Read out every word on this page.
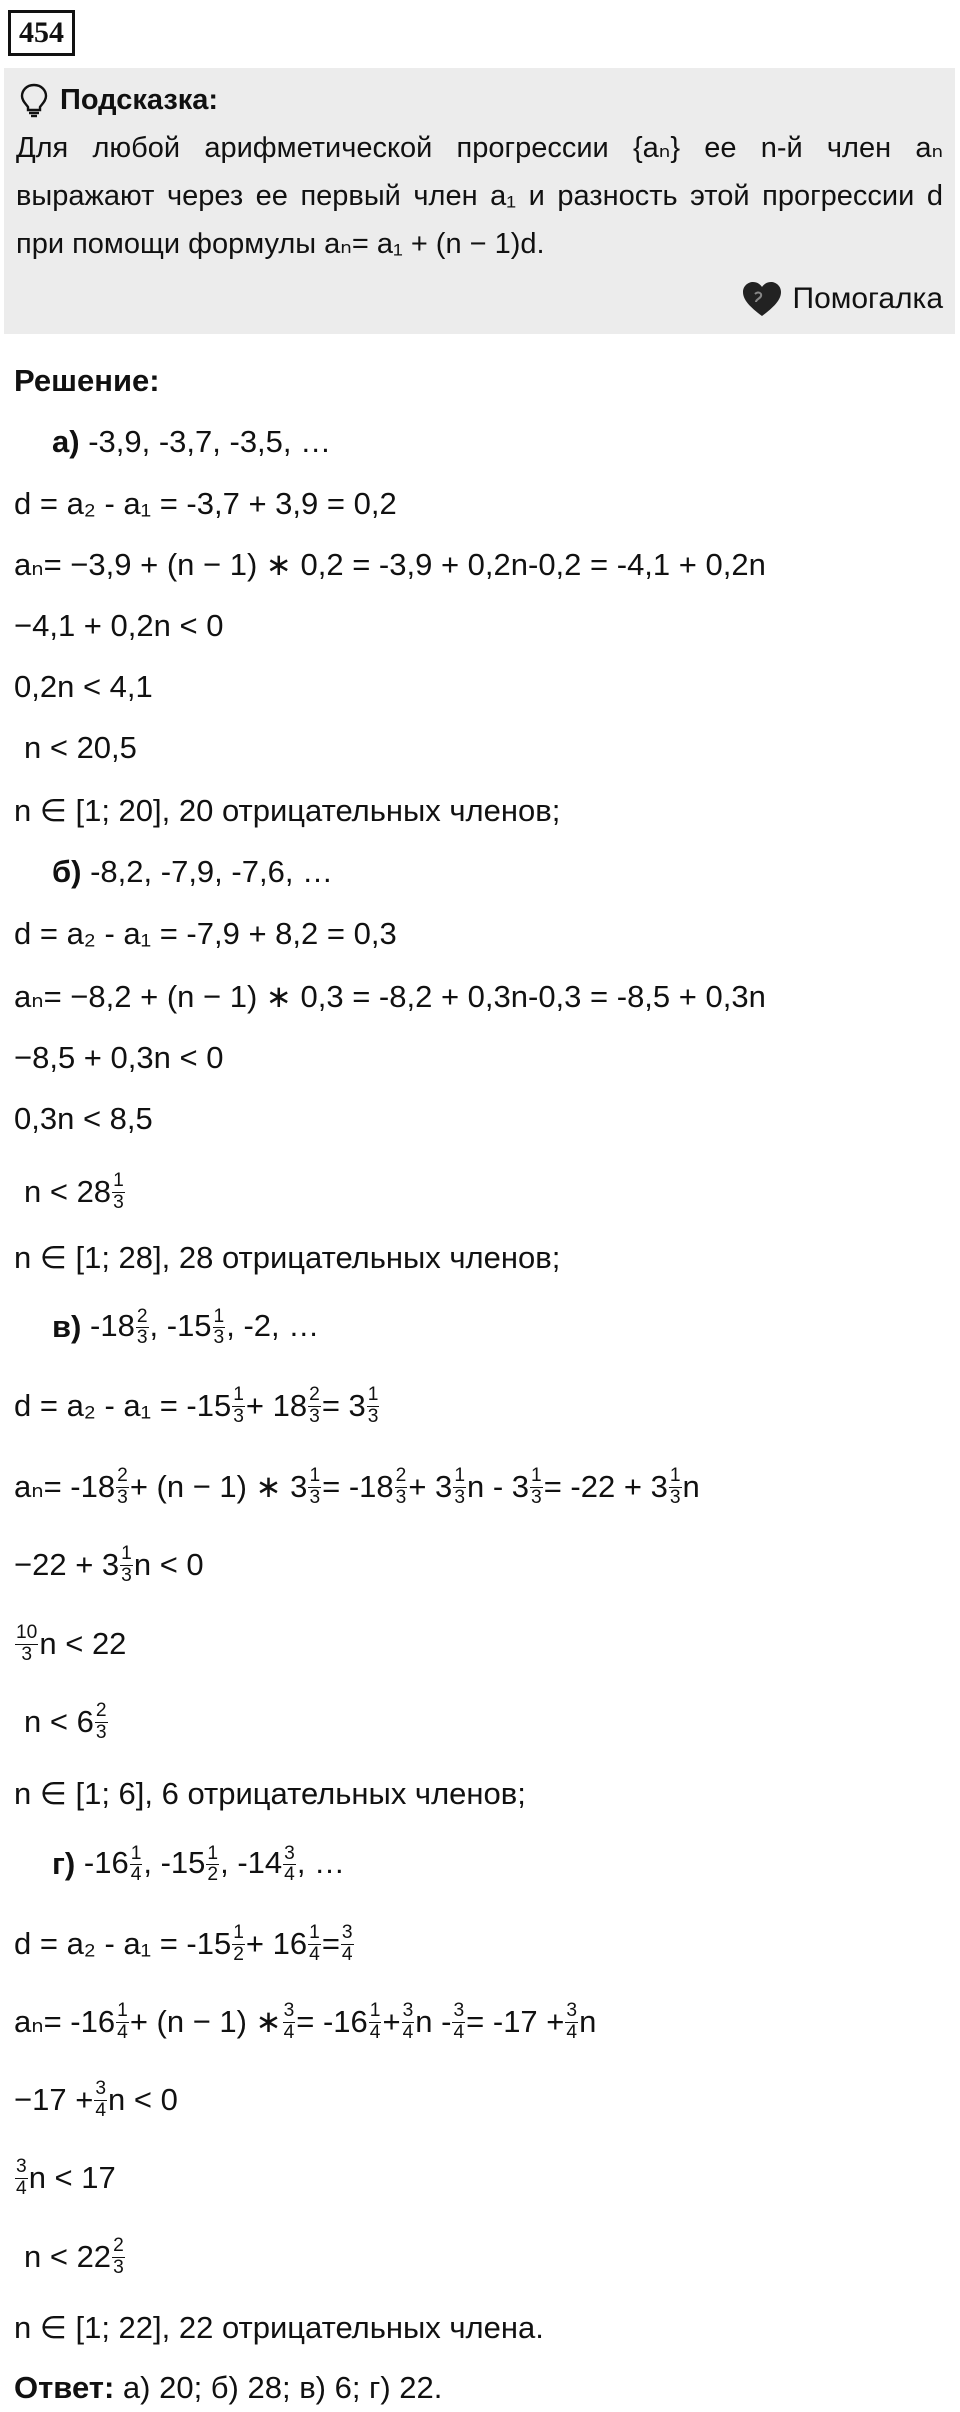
454
Подсказка:
Для любой арифметической прогрессии {aₙ} ее n-й член aₙ выражают через ее первый член a₁ и разность этой прогрессии d при помощи формулы aₙ= a₁ + (n − 1)d.
Помогалка
Решение:
а)
-3,9, -3,7, -3,5, …
d = a₂ - a₁ = -3,7 + 3,9 = 0,2
aₙ= −3,9 + (n − 1) ∗ 0,2 = -3,9 + 0,2n-0,2 = -4,1 + 0,2n
−4,1 + 0,2n < 0
0,2n < 4,1
n < 20,5
n ∈ [1; 20], 20 отрицательных членов;
б)
-8,2, -7,9, -7,6, …
d = a₂ - a₁ = -7,9 + 8,2 = 0,3
aₙ= −8,2 + (n − 1) ∗ 0,3 = -8,2 + 0,3n-0,3 = -8,5 + 0,3n
−8,5 + 0,3n < 0
0,3n < 8,5
n < 28 1
3
n ∈ [1; 28], 28 отрицательных членов;
в)
$-18 \frac{2}{3}$ , $-15 \frac{1}{3}$ , -2, …
d = a₂ - a₁ = -15 1
3 + 18 2
3 = 3 1
3
aₙ= -18 2
3 + (n − 1) ∗ 3 1
3 = -18 2
3 + 3 1
3 n - 3 1
3 = -22 + 3 1
3 n
−22 + 3 1
3 n < 0
10
3 n < 22
n < 6 2
3
n ∈ [1; 6], 6 отрицательных членов;
г)
$-16 \frac{1}{4}$ , $-15 \frac{1}{2}$ , $-14 \frac{3}{4}$ , …
d = a₂ - a₁ = -15 1
2 + 16 1
4 = 3
4
aₙ= -16 1
4 + (n − 1) ∗ 3
4 = -16 1
4 + 3
4 n - 3
4 = -17 + 3
4 n
−17 + 3
4 n < 0
3
4 n < 17
n < 22 2
3
n ∈ [1; 22], 22 отрицательных члена.
Ответ:
а) 20; б) 28; в) 6; г) 22.
